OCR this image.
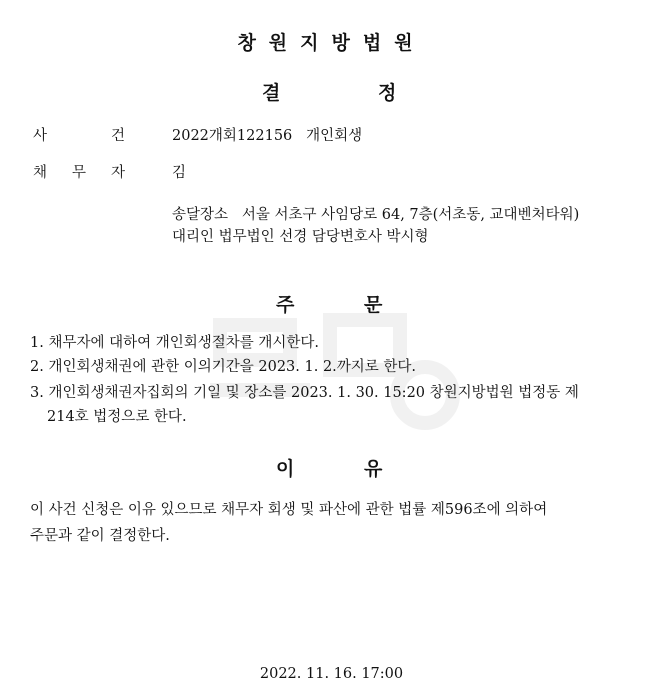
창원지방법원
결	정
사	건	2022개회122156   개인회생
채 무 자	김
송달장소   서울 서초구 사임당로 64, 7층(서초동, 교대벤처타워)
대리인 법무법인 선경 담당변호사 박시형
주	문
1. 채무자에 대하여 개인회생절차를 개시한다.
2. 개인회생채권에 관한 이의기간을 2023. 1. 2.까지로 한다.
3. 개인회생채권자집회의 기일 및 장소를 2023. 1. 30. 15:20 창원지방법원 법정동 제
214호 법정으로 한다.
이	유
이 사건 신청은 이유 있으므로 채무자 회생 및 파산에 관한 법률 제596조에 의하여
주문과 같이 결정한다.
2022. 11. 16. 17:00
